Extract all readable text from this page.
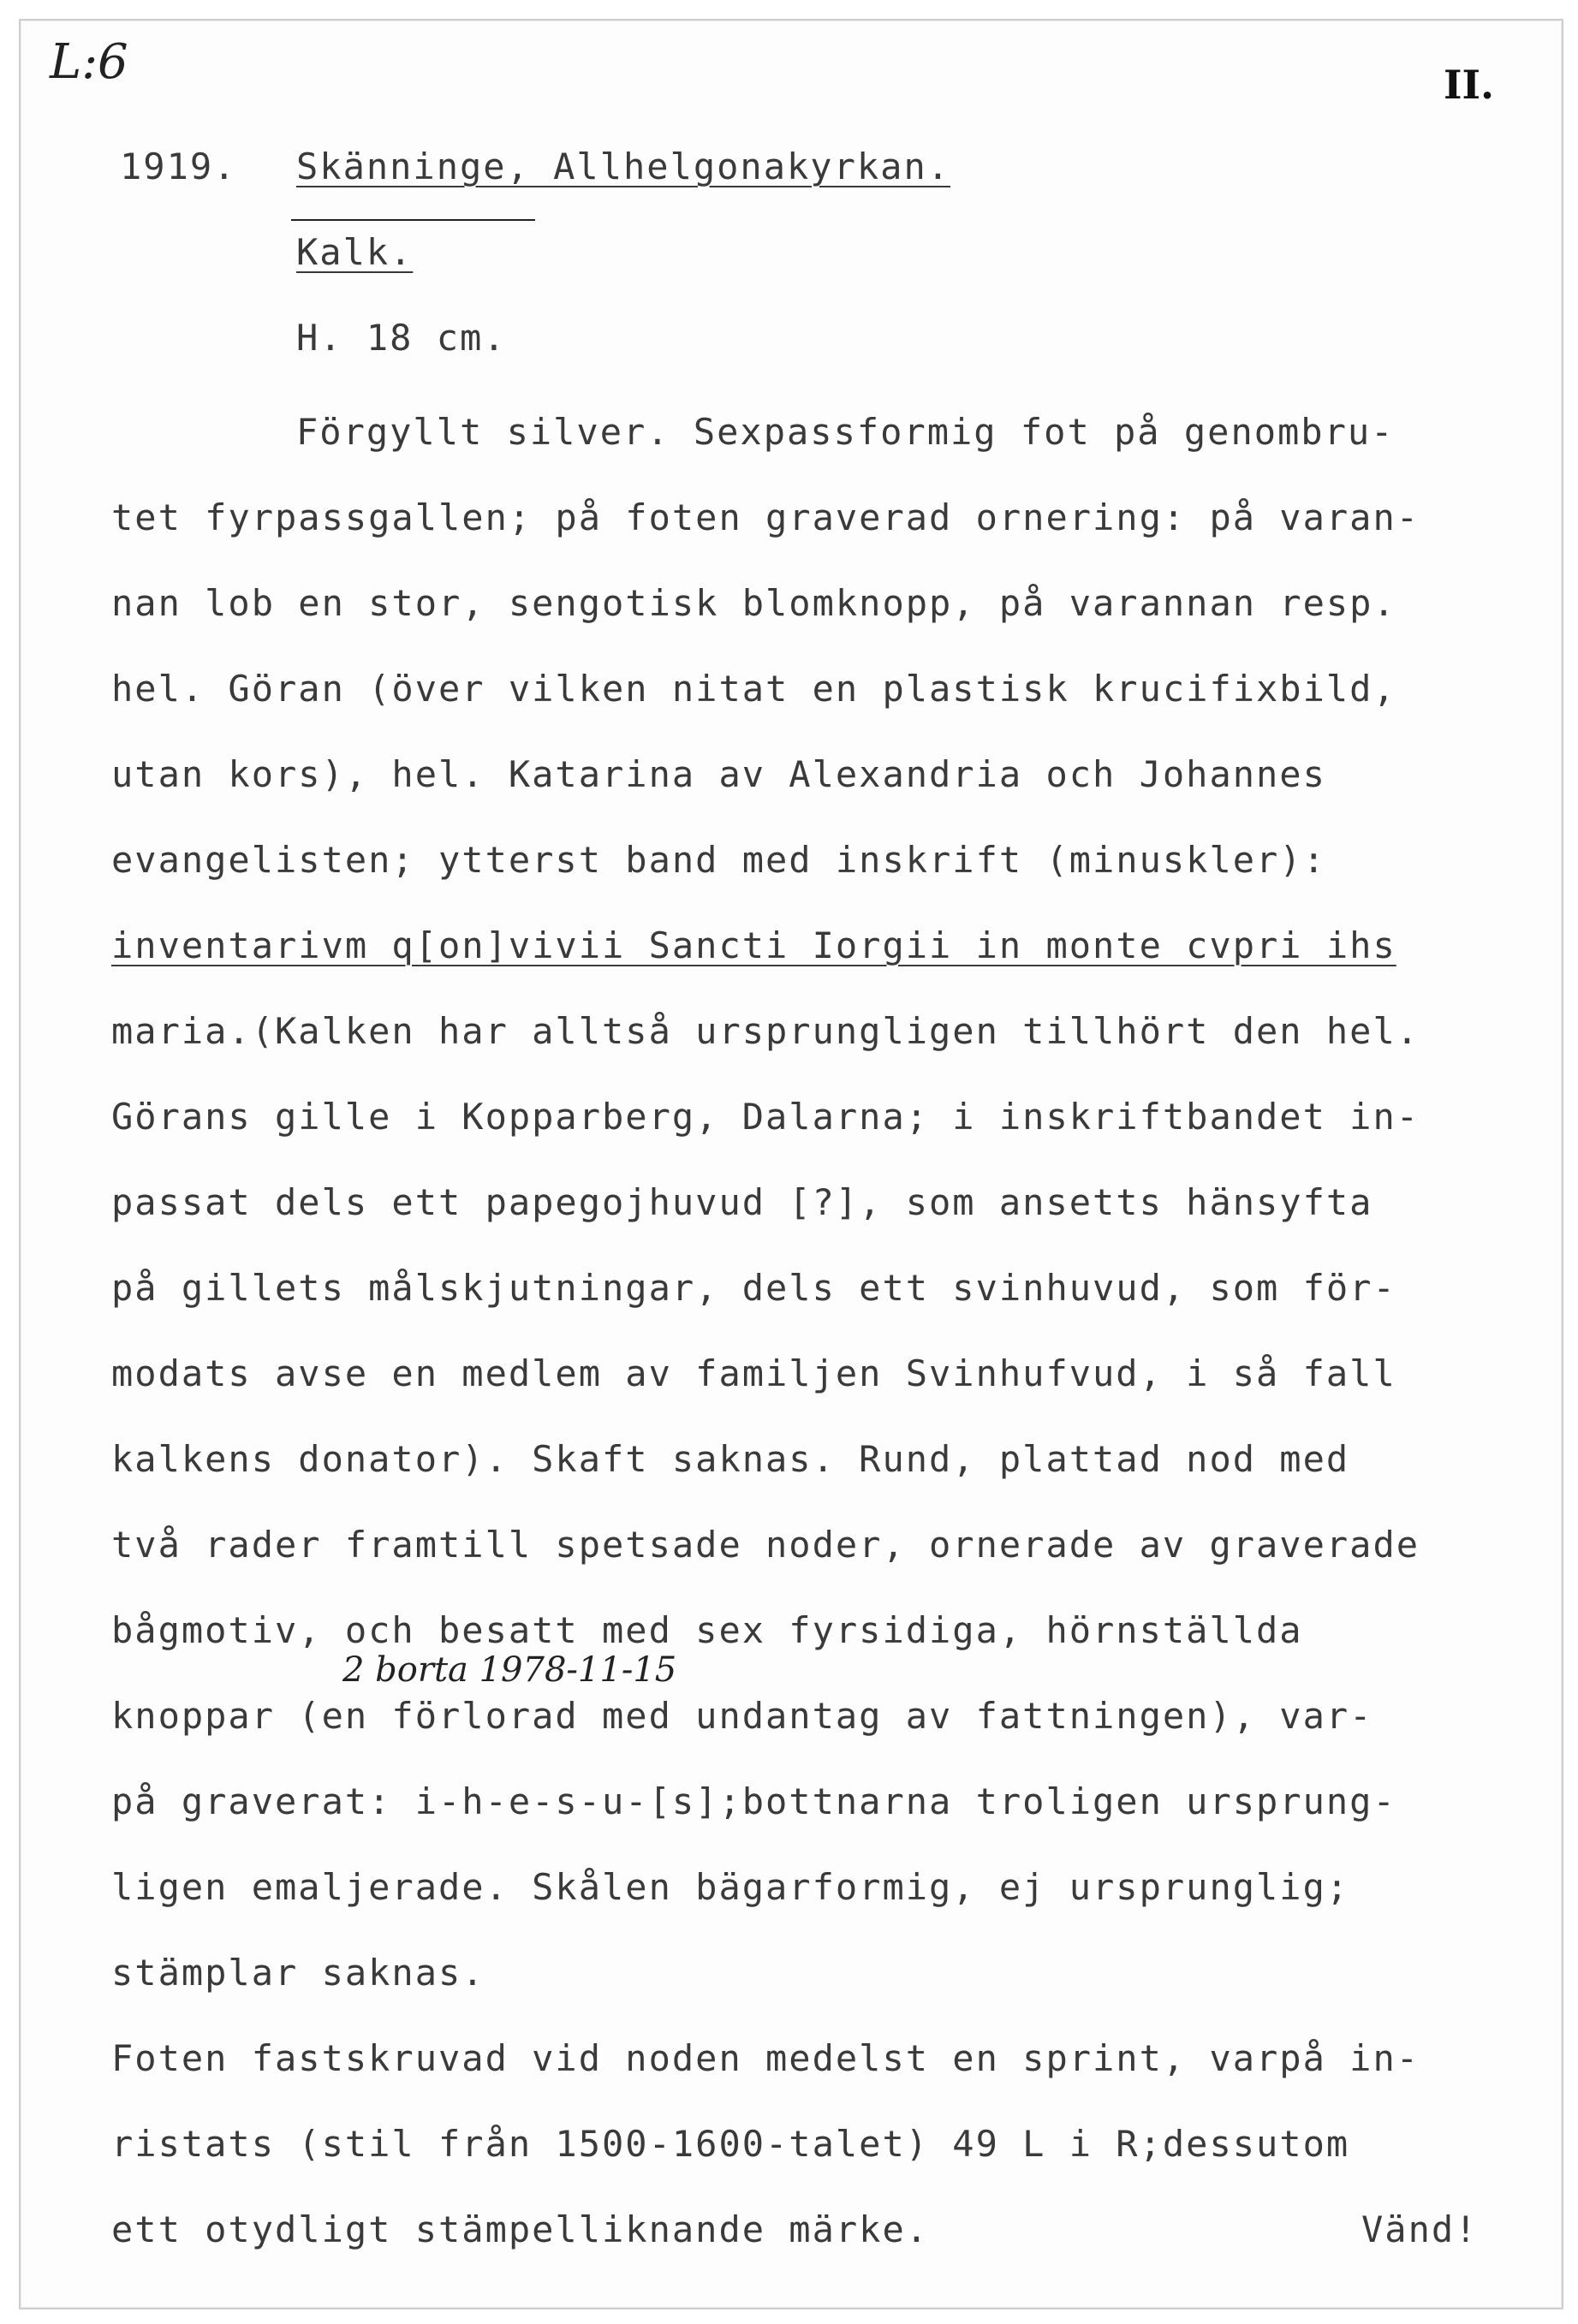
L:6	II.
1919. Skänninge, Allhelgonakyrkan.
Kalk.
H. 18 cm.
Förgyllt silver. Sexpassformig fot på genombru-
tet fyrpassgallen; på foten graverad ornering: på varan-
nan lob en stor, sengotisk blomknopp, på varannan resp.
hel. Göran (över vilken nitat en plastisk krucifixbild,
utan kors), hel. Katarina av Alexandria och Johannes
evangelisten; ytterst band med inskrift (minuskler):
inventarivm q[on]vivii Sancti Iorgii in monte cvpri ihs
maria.(Kalken har alltså ursprungligen tillhört den hel.
Görans gille i Kopparberg, Dalarna; i inskriftbandet in-
passat dels ett papegojhuvud [?], som ansetts hänsyfta
på gillets målskjutningar, dels ett svinhuvud, som för-
modats avse en medlem av familjen Svinhufvud, i så fall
kalkens donator). Skaft saknas. Rund, plattad nod med
två rader framtill spetsade noder, ornerade av graverade
bågmotiv, och besatt med sex fyrsidiga, hörnställda
2 borta 1978-11-15
knoppar (en förlorad med undantag av fattningen), var-
på graverat: i-h-e-s-u-[s];bottnarna troligen ursprung-
ligen emaljerade. Skålen bägarformig, ej ursprunglig;
stämplar saknas.
Foten fastskruvad vid noden medelst en sprint, varpå in-
ristats (stil från 1500-1600-talet) 49 L i R;dessutom
ett otydligt stämpelliknande märke.	Vänd!
